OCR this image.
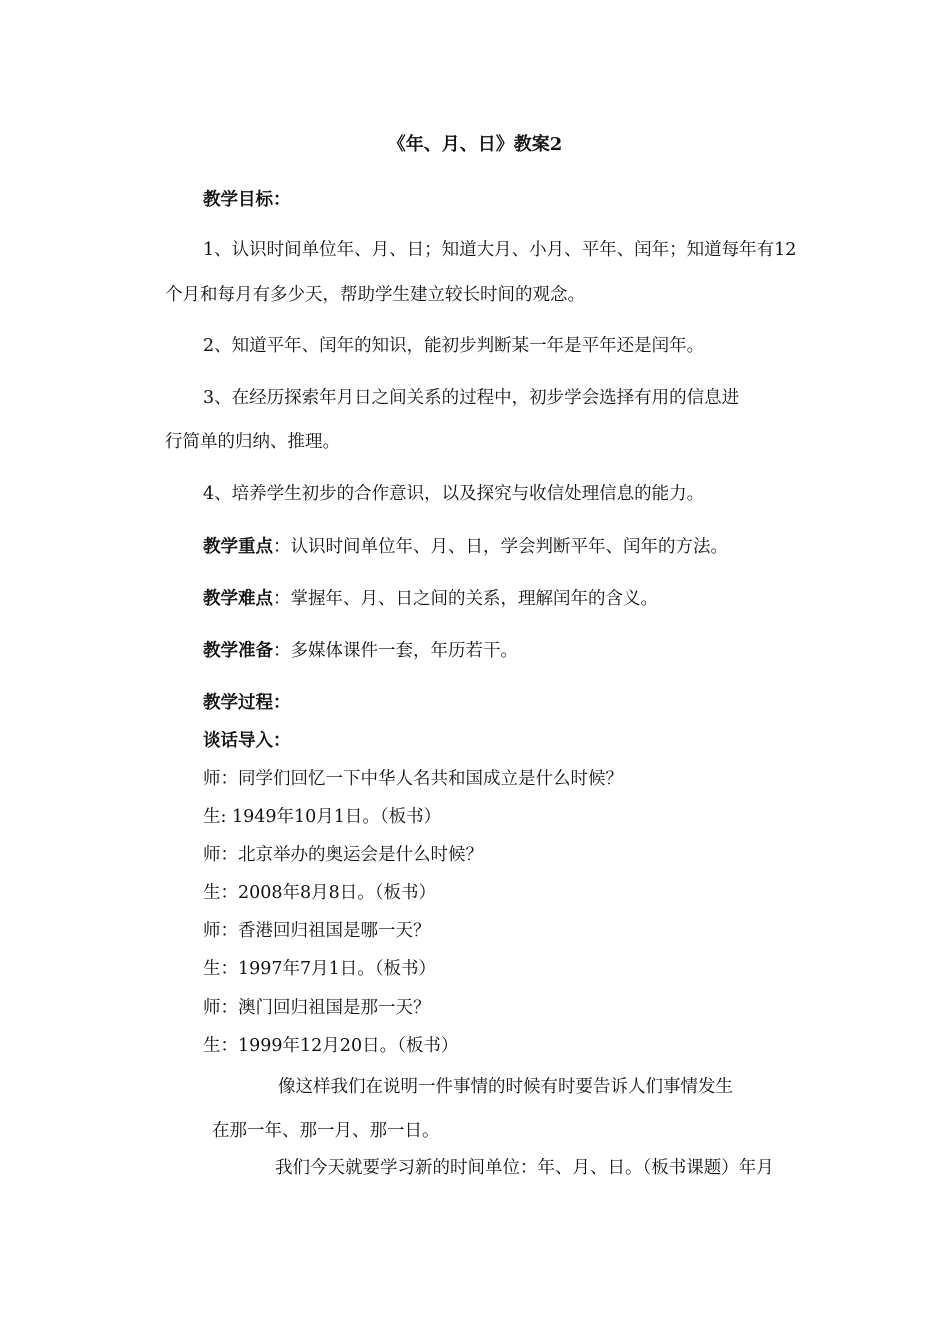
《年、月、日》教案2
教学目标：
1、认识时间单位年、月、日；知道大月、小月、平年、闰年；知道每年有12
个月和每月有多少天，帮助学生建立较长时间的观念。
2、知道平年、闰年的知识，能初步判断某一年是平年还是闰年。
3、在经历探索年月日之间关系的过程中，初步学会选择有用的信息进
行简单的归纳、推理。
4、培养学生初步的合作意识，以及探究与收信处理信息的能力。
教学重点：认识时间单位年、月、日，学会判断平年、闰年的方法。
教学难点：掌握年、月、日之间的关系，理解闰年的含义。
教学准备：多媒体课件一套，年历若干。
教学过程：
谈话导入：
师：同学们回忆一下中华人名共和国成立是什么时候？
生: 1949年10月1日。（板书）
师：北京举办的奥运会是什么时候？
生：2008年8月8日。（板书）
师：香港回归祖国是哪一天？
生：1997年7月1日。（板书）
师：澳门回归祖国是那一天？
生：1999年12月20日。（板书）
像这样我们在说明一件事情的时候有时要告诉人们事情发生
在那一年、那一月、那一日。
我们今天就要学习新的时间单位：年、月、日。（板书课题）年月
